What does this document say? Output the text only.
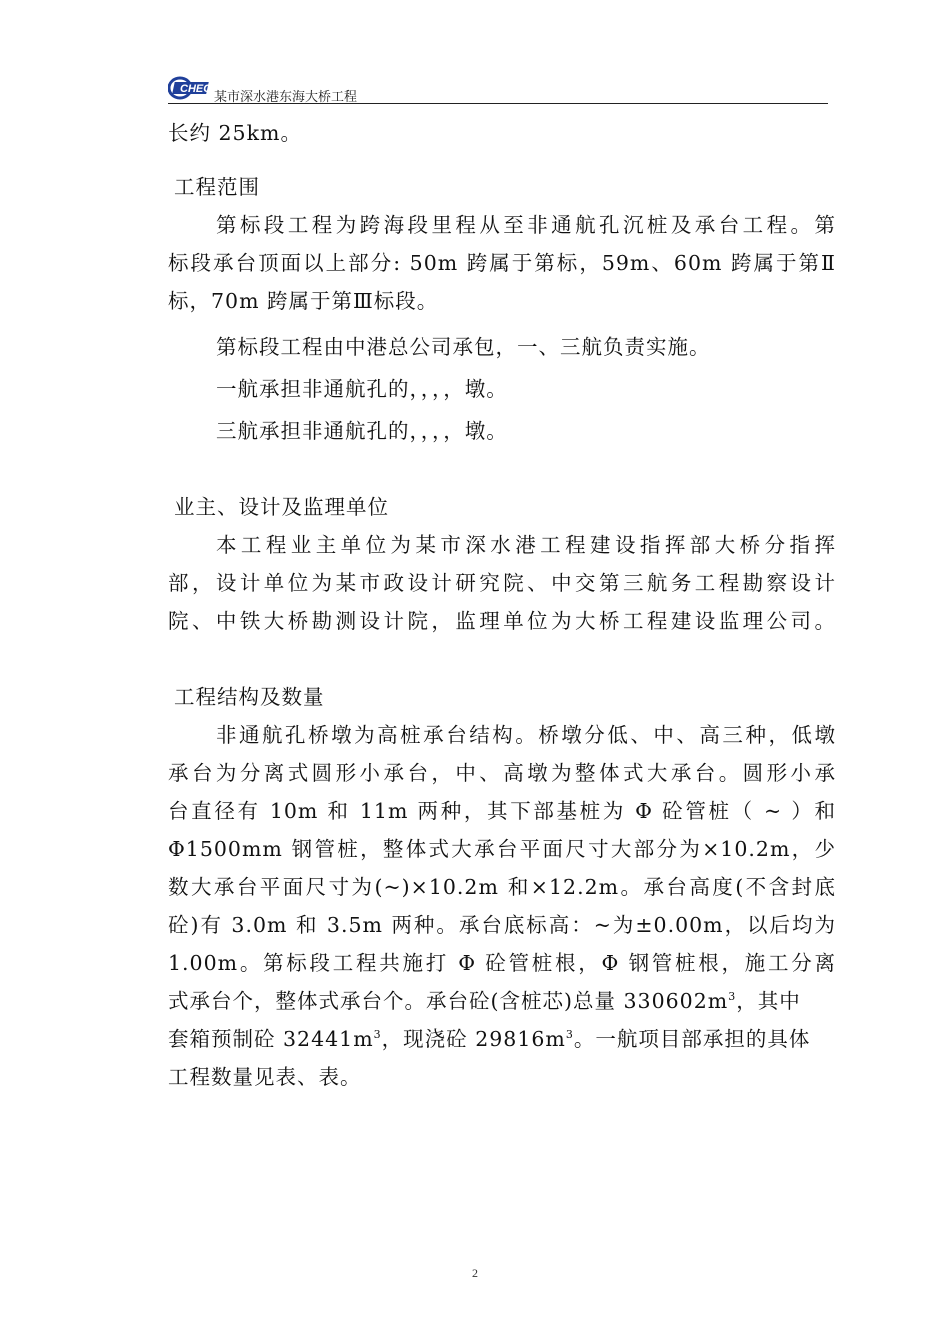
CHEC 某市深水港东海大桥工程
长约 25km。
工程范围
第标段工程为跨海段里程从至非通航孔沉桩及承台工程。第
标段承台顶面以上部分: 50m 跨属于第标，59m、60m 跨属于第Ⅱ
标，70m 跨属于第Ⅲ标段。
第标段工程由中港总公司承包，一、三航负责实施。
一航承担非通航孔的，，，，墩。
三航承担非通航孔的，，，，墩。
业主、设计及监理单位
本工程业主单位为某市深水港工程建设指挥部大桥分指挥
部，设计单位为某市政设计研究院、中交第三航务工程勘察设计
院、中铁大桥勘测设计院，监理单位为大桥工程建设监理公司。
工程结构及数量
非通航孔桥墩为高桩承台结构。桥墩分低、中、高三种，低墩
承台为分离式圆形小承台，中、高墩为整体式大承台。圆形小承
台直径有 10m 和 11m 两种，其下部基桩为 Φ 砼管桩（ ~ ）和
Φ1500mm 钢管桩，整体式大承台平面尺寸大部分为×10.2m，少
数大承台平面尺寸为(~)×10.2m 和×12.2m。承台高度(不含封底
砼)有 3.0m 和 3.5m 两种。承台底标高：~为±0.00m，以后均为
1.00m。第标段工程共施打 Φ 砼管桩根，Φ 钢管桩根，施工分离
式承台个，整体式承台个。承台砼(含桩芯)总量 $330602m^3$，其中
套箱预制砼 $32441m^3$，现浇砼 $29816m^3$。一航项目部承担的具体
工程数量见表、表。
2
